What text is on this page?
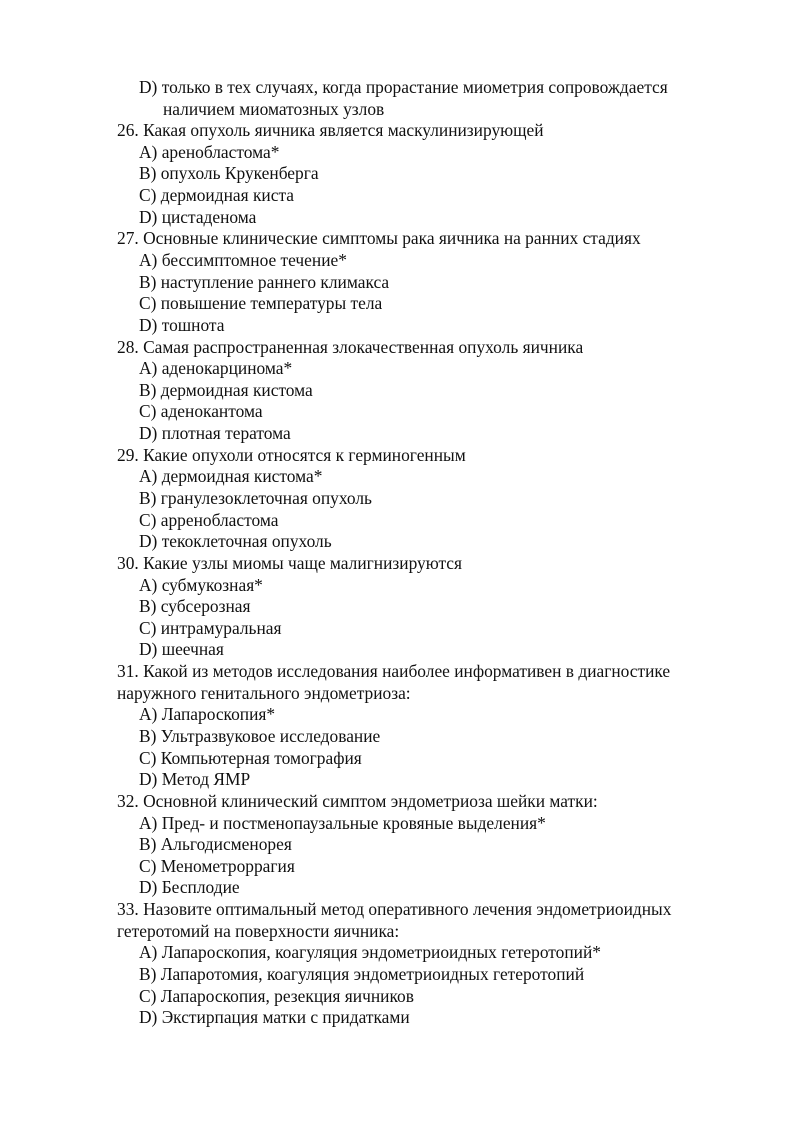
D) только в тех случаях, когда прорастание миометрия сопровождается
наличием миоматозных узлов
26. Какая опухоль яичника является маскулинизирующей
A) аренобластома*
B) опухоль Крукенберга
C) дермоидная киста
D) цистаденома
27. Основные клинические симптомы рака яичника на ранних стадиях
A) бессимптомное течение*
B) наступление раннего климакса
C) повышение температуры тела
D) тошнота
28. Самая распространенная злокачественная опухоль яичника
A) аденокарцинома*
B) дермоидная кистома
C) аденокантома
D) плотная тератома
29. Какие опухоли относятся к герминогенным
A) дермоидная кистома*
B) гранулезоклеточная опухоль
C) арренобластома
D) текоклеточная опухоль
30. Какие узлы миомы чаще малигнизируются
A) субмукозная*
B) субсерозная
C) интрамуральная
D) шеечная
31. Какой из методов исследования наиболее информативен в диагностике
наружного генитального эндометриоза:
A) Лапароскопия*
B) Ультразвуковое исследование
C) Компьютерная томография
D) Метод ЯМР
32. Основной клинический симптом эндометриоза шейки матки:
A) Пред- и постменопаузальные кровяные выделения*
B) Альгодисменорея
C) Менометроррагия
D) Бесплодие
33. Назовите оптимальный метод оперативного лечения эндометриоидных
гетеротомий на поверхности яичника:
A) Лапароскопия, коагуляция эндометриоидных гетеротопий*
B) Лапаротомия, коагуляция эндометриоидных гетеротопий
C) Лапароскопия, резекция яичников
D) Экстирпация матки с придатками
